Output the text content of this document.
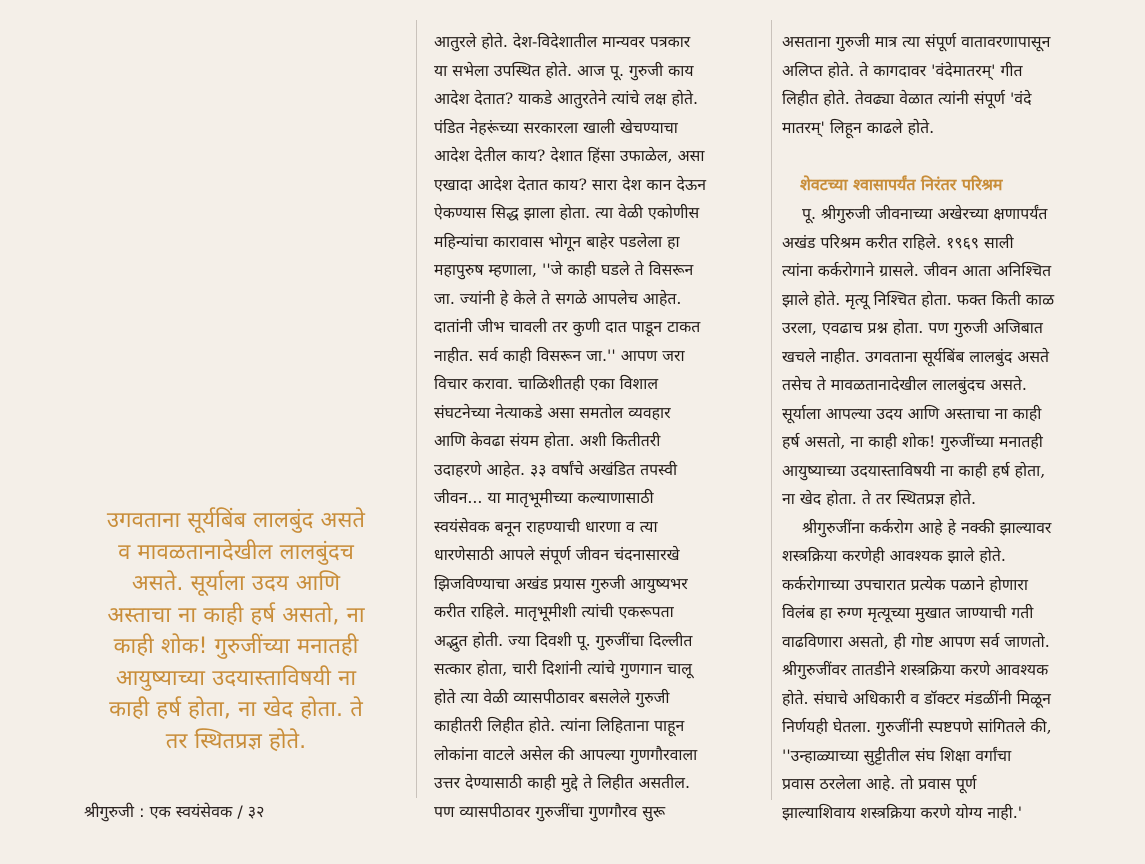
उगवताना सूर्यबिंब लालबुंद असते
व मावळतानादेखील लालबुंदच
असते. सूर्याला उदय आणि
अस्ताचा ना काही हर्ष असतो, ना
काही शोक! गुरुजींच्या मनातही
आयुष्याच्या उदयास्ताविषयी ना
काही हर्ष होता, ना खेद होता. ते
तर स्थितप्रज्ञ होते.
श्रीगुरुजी : एक स्वयंसेवक / ३२
आतुरले होते. देश-विदेशातील मान्यवर पत्रकार
या सभेला उपस्थित होते. आज पू. गुरुजी काय
आदेश देतात? याकडे आतुरतेने त्यांचे लक्ष होते.
पंडित नेहरूंच्या सरकारला खाली खेचण्याचा
आदेश देतील काय? देशात हिंसा उफाळेल, असा
एखादा आदेश देतात काय? सारा देश कान देऊन
ऐकण्यास सिद्ध झाला होता. त्या वेळी एकोणीस
महिन्यांचा कारावास भोगून बाहेर पडलेला हा
महापुरुष म्हणाला, ''जे काही घडले ते विसरून
जा. ज्यांनी हे केले ते सगळे आपलेच आहेत.
दातांनी जीभ चावली तर कुणी दात पाडून टाकत
नाहीत. सर्व काही विसरून जा.'' आपण जरा
विचार करावा. चाळिशीतही एका विशाल
संघटनेच्या नेत्याकडे असा समतोल व्यवहार
आणि केवढा संयम होता. अशी कितीतरी
उदाहरणे आहेत. ३३ वर्षांचे अखंडित तपस्वी
जीवन... या मातृभूमीच्या कल्याणासाठी
स्वयंसेवक बनून राहण्याची धारणा व त्या
धारणेसाठी आपले संपूर्ण जीवन चंदनासारखे
झिजविण्याचा अखंड प्रयास गुरुजी आयुष्यभर
करीत राहिले. मातृभूमीशी त्यांची एकरूपता
अद्भुत होती. ज्या दिवशी पू. गुरुजींचा दिल्लीत
सत्कार होता, चारी दिशांनी त्यांचे गुणगान चालू
होते त्या वेळी व्यासपीठावर बसलेले गुरुजी
काहीतरी लिहीत होते. त्यांना लिहिताना पाहून
लोकांना वाटले असेल की आपल्या गुणगौरवाला
उत्तर देण्यासाठी काही मुद्दे ते लिहीत असतील.
पण व्यासपीठावर गुरुजींचा गुणगौरव सुरू
असताना गुरुजी मात्र त्या संपूर्ण वातावरणापासून
अलिप्त होते. ते कागदावर 'वंदेमातरम्' गीत
लिहीत होते. तेवढ्या वेळात त्यांनी संपूर्ण 'वंदे
मातरम्' लिहून काढले होते.
शेवटच्या श्वासापर्यंत निरंतर परिश्रम
पू. श्रीगुरुजी जीवनाच्या अखेरच्या क्षणापर्यंत
अखंड परिश्रम करीत राहिले. १९६९ साली
त्यांना कर्करोगाने ग्रासले. जीवन आता अनिश्चित
झाले होते. मृत्यू निश्चित होता. फक्त किती काळ
उरला, एवढाच प्रश्न होता. पण गुरुजी अजिबात
खचले नाहीत. उगवताना सूर्यबिंब लालबुंद असते
तसेच ते मावळतानादेखील लालबुंदच असते.
सूर्याला आपल्या उदय आणि अस्ताचा ना काही
हर्ष असतो, ना काही शोक! गुरुजींच्या मनातही
आयुष्याच्या उदयास्ताविषयी ना काही हर्ष होता,
ना खेद होता. ते तर स्थितप्रज्ञ होते.
श्रीगुरुजींना कर्करोग आहे हे नक्की झाल्यावर
शस्त्रक्रिया करणेही आवश्यक झाले होते.
कर्करोगाच्या उपचारात प्रत्येक पळाने होणारा
विलंब हा रुग्ण मृत्यूच्या मुखात जाण्याची गती
वाढविणारा असतो, ही गोष्ट आपण सर्व जाणतो.
श्रीगुरुजींवर तातडीने शस्त्रक्रिया करणे आवश्यक
होते. संघाचे अधिकारी व डॉक्टर मंडळींनी मिळून
निर्णयही घेतला. गुरुजींनी स्पष्टपणे सांगितले की,
''उन्हाळ्याच्या सुट्टीतील संघ शिक्षा वर्गांचा
प्रवास ठरलेला आहे. तो प्रवास पूर्ण
झाल्याशिवाय शस्त्रक्रिया करणे योग्य नाही.'
